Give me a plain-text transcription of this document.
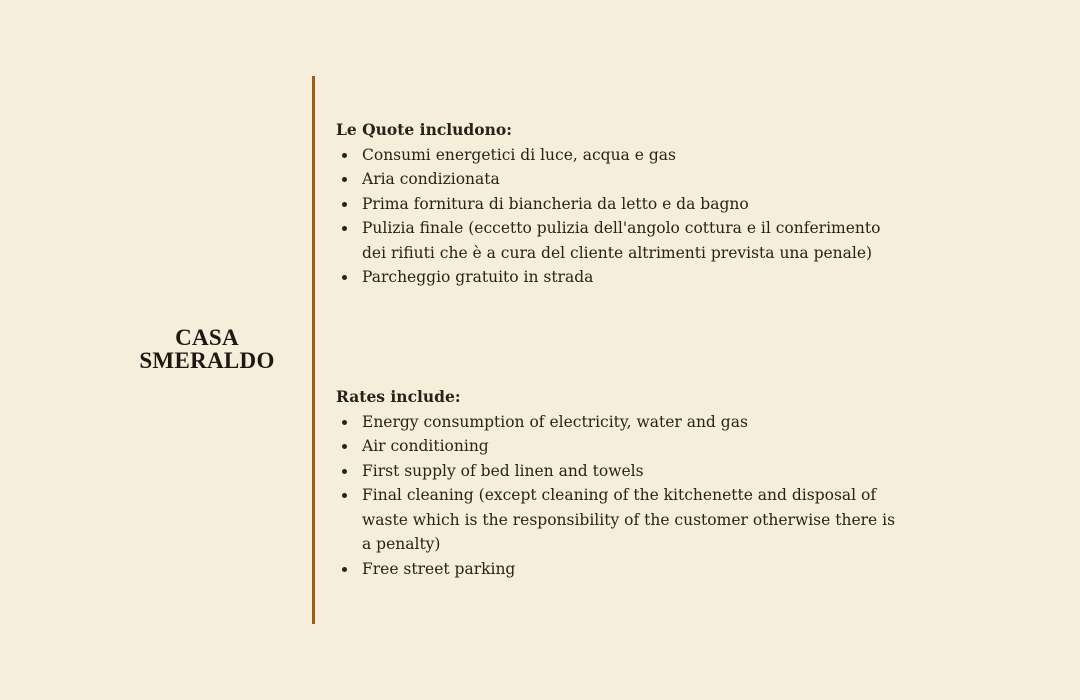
CASA
SMERALDO
Le Quote includono:
Consumi energetici di luce, acqua e gas
Aria condizionata
Prima fornitura di biancheria da letto e da bagno
Pulizia finale (eccetto pulizia dell'angolo cottura e il conferimento dei rifiuti che è a cura del cliente altrimenti prevista una penale)
Parcheggio gratuito in strada
Rates include:
Energy consumption of electricity, water and gas
Air conditioning
First supply of bed linen and towels
Final cleaning (except cleaning of the kitchenette and disposal of waste which is the responsibility of the customer otherwise there is a penalty)
Free street parking
